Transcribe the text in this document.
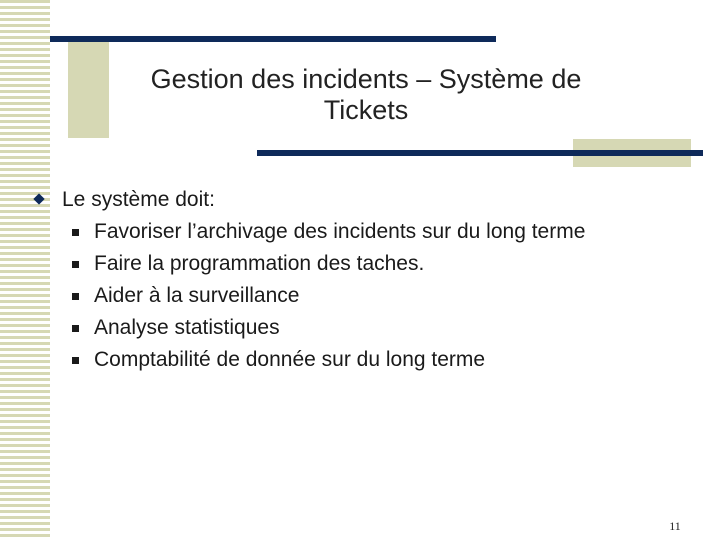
Gestion des incidents – Système de
Tickets
Le système doit:
Favoriser l’archivage des incidents sur du long terme
Faire la programmation des taches.
Aider à la surveillance
Analyse statistiques
Comptabilité de donnée sur du long terme
11
